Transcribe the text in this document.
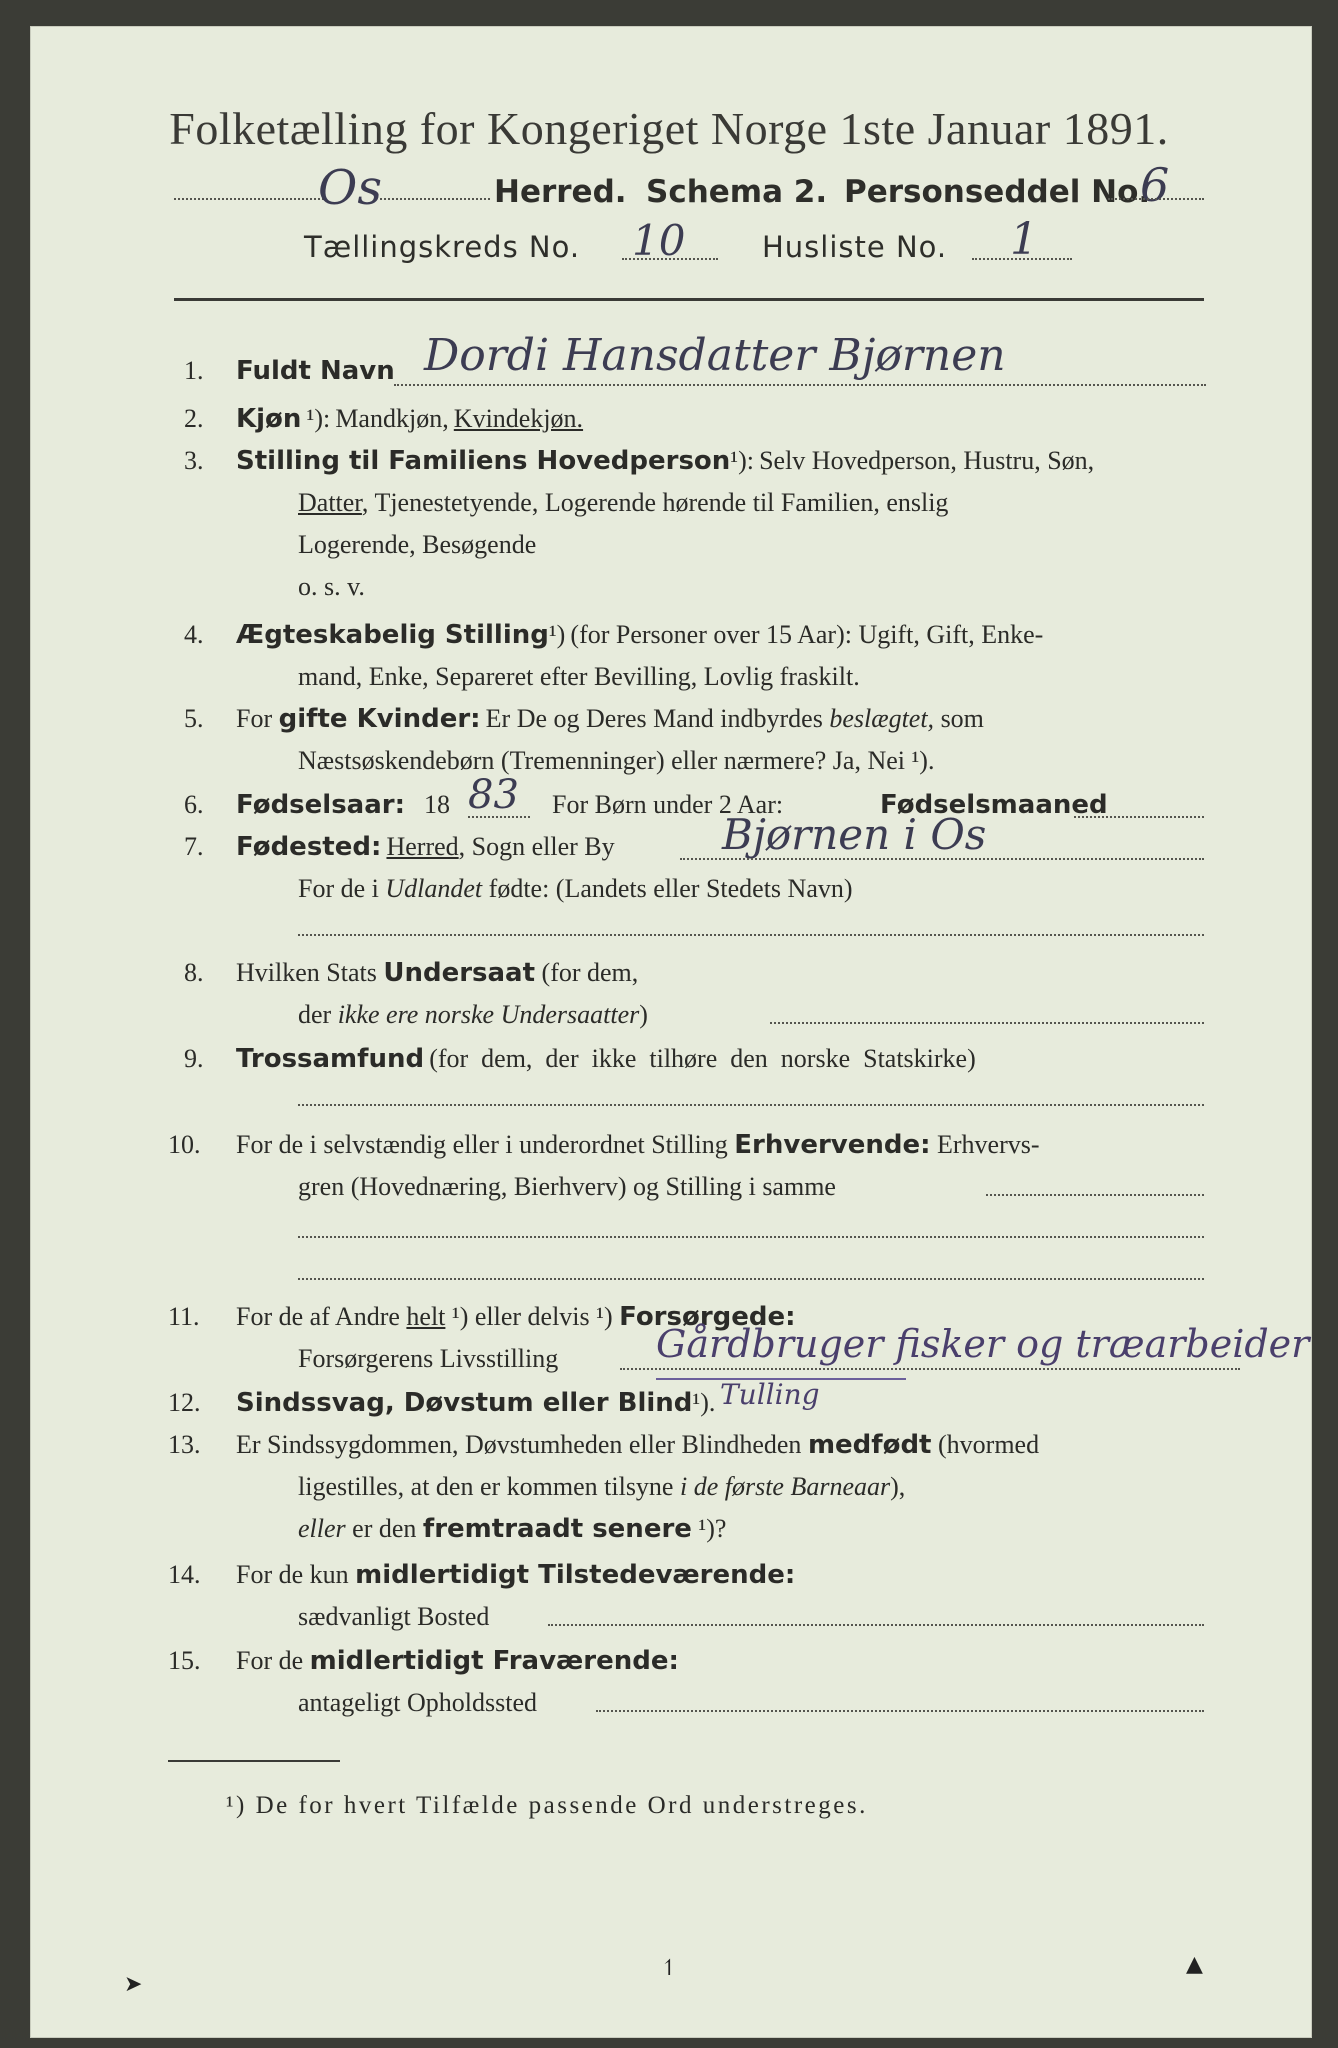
Folketælling for Kongeriget Norge 1ste Januar 1891.
Os	Herred. Schema 2. Personseddel No.
6
Tællingskreds No. 10	Husliste No. 1
1. Fuldt Navn Dordi Hansdatter Bjørnen
2. Kjøn ¹): Mandkjøn, Kvindekjøn.
3. Stilling til Familiens Hovedperson¹): Selv Hovedperson, Hustru, Søn,
Datter, Tjenestetyende, Logerende hørende til Familien, enslig
Logerende, Besøgende
o. s. v.
4. Ægteskabelig Stilling¹) (for Personer over 15 Aar): Ugift, Gift, Enke-
mand, Enke, Separeret efter Bevilling, Lovlig fraskilt.
5. For gifte Kvinder: Er De og Deres Mand indbyrdes beslægtet, som
Næstsøskendebørn (Tremenninger) eller nærmere? Ja, Nei ¹).
6. Fødselsaar: 18 83 For Børn under 2 Aar:	Fødselsmaaned
7. Fødested: Herred, Sogn eller By	Bjørnen i Os
For de i Udlandet fødte: (Landets eller Stedets Navn)
8. Hvilken Stats Undersaat (for dem,
der ikke ere norske Undersaatter)
9. Trossamfund (for  dem,  der  ikke  tilhøre  den  norske  Statskirke)
10. For de i selvstændig eller i underordnet Stilling Erhvervende: Erhvervs-
gren (Hovednæring, Bierhverv) og Stilling i samme
11. For de af Andre helt ¹) eller delvis ¹) Forsørgede:
Forsørgerens Livsstilling	Gårdbruger fisker og træarbeider
12. Sindssvag, Døvstum eller Blind¹). Tulling
13. Er Sindssygdommen, Døvstumheden eller Blindheden medfødt (hvormed
ligestilles, at den er kommen tilsyne i de første Barneaar),
eller er den fremtraadt senere ¹)?
14. For de kun midlertidigt Tilstedeværende:
sædvanligt Bosted
15. For de midlertidigt Fraværende:
antageligt Opholdssted
¹) De for hvert Tilfælde passende Ord understreges.
➤
↿	▲
